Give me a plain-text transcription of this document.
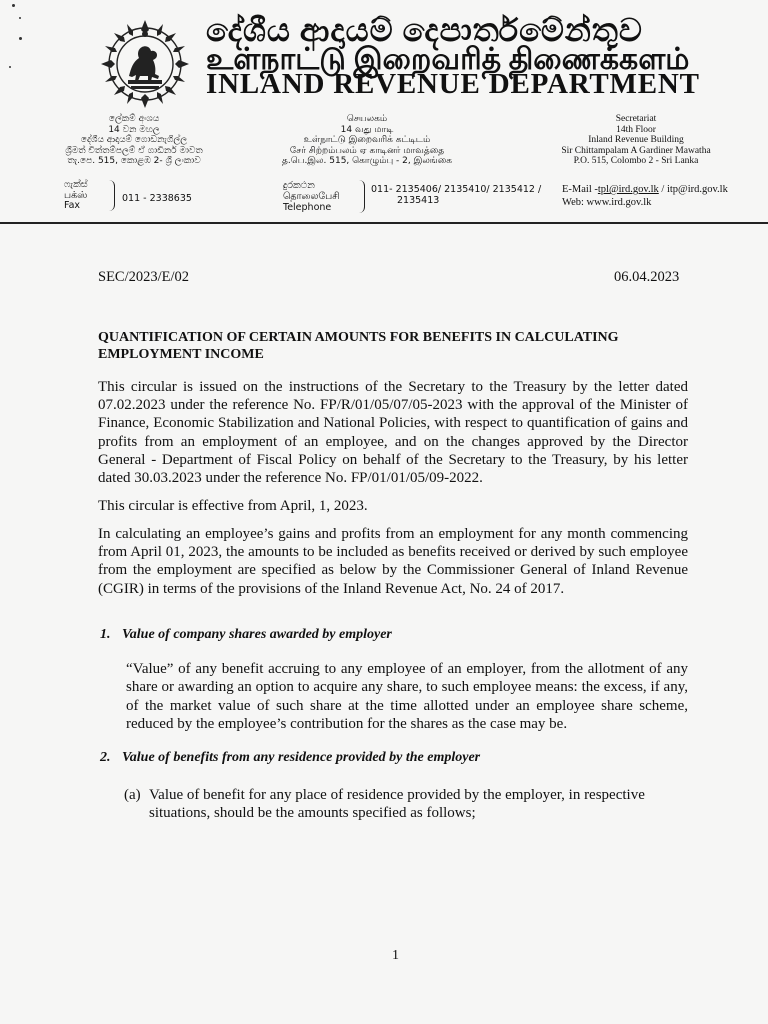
දේශීය ආදායම් දෙපාර්තමේන්තුව
உள்நாட்டு இறைவரித் திணைக்களம்
INLAND REVENUE DEPARTMENT
ලේකම් අංශය
14 වන මහල
දේශීය ආදායම් ගොඩනැගිල්ල
ශ්‍රීමත් චිත්තම්පලම් ඒ ගාඩිනර් මාවත
තැ.පෙ. 515, කොළඹ 2- ශ්‍රී ලංකාව
செயலகம்
14 வது மாடி
உள்நாட்டு இறைவரிக் கட்டிடம்
சேர் சிற்றம்பலம் ஏ காடினர் மாவத்தை
த.பெ.இல. 515, கொழும்பு - 2, இலங்கை
Secretariat
14th Floor
Inland Revenue Building
Sir Chittampalam A Gardiner Mawatha
P.O. 515, Colombo 2 - Sri Lanka
ෆැක්ස්
பக்ஸ்
Fax
011 - 2338635
දුරකථන
தொலைபேசி
Telephone
011- 2135406/ 2135410/ 2135412 /
2135413
E-Mail -tpl@ird.gov.lk / itp@ird.gov.lk
Web: www.ird.gov.lk
SEC/2023/E/02	06.04.2023
QUANTIFICATION OF CERTAIN AMOUNTS FOR BENEFITS IN CALCULATING EMPLOYMENT INCOME
This circular is issued on the instructions of the Secretary to the Treasury by the letter dated 07.02.2023 under the reference No. FP/R/01/05/07/05-2023 with the approval of the Minister of Finance, Economic Stabilization and National Policies, with respect to quantification of gains and profits from an employment of an employee, and on the changes approved by the Director General - Department of Fiscal Policy on behalf of the Secretary to the Treasury, by his letter dated 30.03.2023 under the reference No. FP/01/01/05/09-2022.
This circular is effective from April, 1, 2023.
In calculating an employee’s gains and profits from an employment for any month commencing from April 01, 2023, the amounts to be included as benefits received or derived by such employee from the employment are specified as below by the Commissioner General of Inland Revenue (CGIR) in terms of the provisions of the Inland Revenue Act, No. 24 of 2017.
1. Value of company shares awarded by employer
“Value” of any benefit accruing to any employee of an employer, from the allotment of any share or awarding an option to acquire any share, to such employee means: the excess, if any, of the market value of such share at the time allotted under an employee share scheme, reduced by the employee’s contribution for the shares as the case may be.
2. Value of benefits from any residence provided by the employer
(a) Value of benefit for any place of residence provided by the employer, in respective situations, should be the amounts specified as follows;
1
